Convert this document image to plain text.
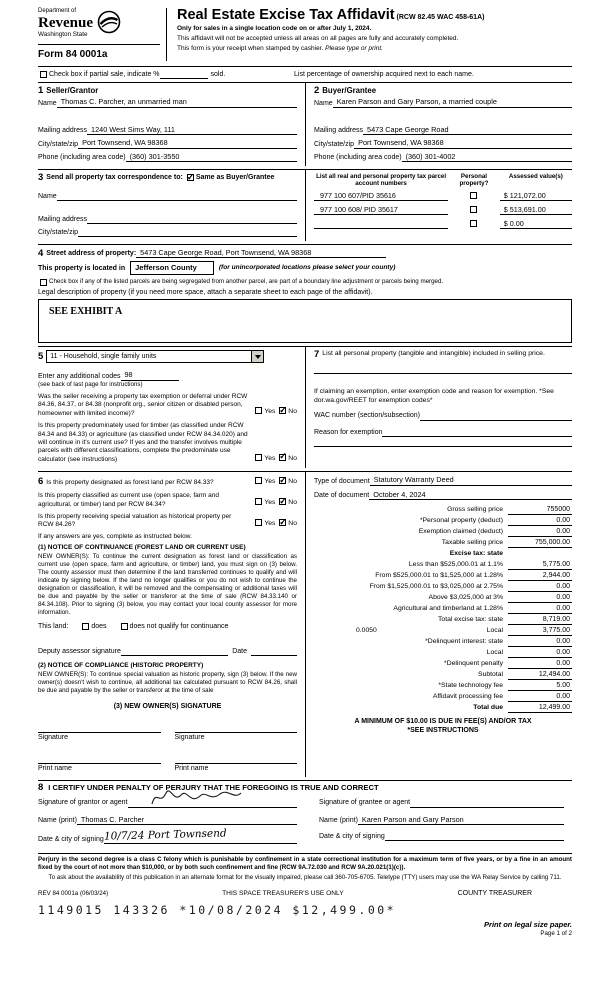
Department of
Revenue
Washington State
Form 84 0001a
Real Estate Excise Tax Affidavit (RCW 82.45 WAC 458-61A)
Only for sales in a single location code on or after July 1, 2024.
This affidavit will not be accepted unless all areas on all pages are fully and accurately completed.
This form is your receipt when stamped by cashier. Please type or print.
Check box if partial sale, indicate %	sold.	List percentage of ownership acquired next to each name.
1 Seller/Grantor
Name Thomas C. Parcher, an unmarried man
Mailing address 1240 West Sims Way, 111
City/state/zip Port Townsend, WA 98368
Phone (including area code) (360) 301-3550
2 Buyer/Grantee
Name Karen Parson and Gary Parson, a married couple
Mailing address 5473 Cape George Road
City/state/zip Port Townsend, WA 98368
Phone (including area code) (360) 301-4002
3 Send all property tax correspondence to: ✓ Same as Buyer/Grantee
Name
Mailing address
City/state/zip
List all real and personal property tax parcel account numbers
Personal property?
Assessed value(s)
977 100 607/PID 35616	$ 121,072.00
977 100 608/ PID 35617	$ 513,691.00
$ 0.00
4 Street address of property: 5473 Cape George Road, Port Townsend, WA 98368
This property is located in	Jefferson County	(for unincorporated locations please select your county)
Check box if any of the listed parcels are being segregated from another parcel, are part of a boundary line adjustment or parcels being merged.
Legal description of property (if you need more space, attach a separate sheet to each page of the affidavit).
SEE EXHIBIT A
5	11 - Household, single family units
Enter any additional codes 98
(see back of last page for instructions)
Was the seller receiving a property tax exemption or deferral under RCW 84.36, 84.37, or 84.38 (nonprofit org., senior citizen or disabled person, homeowner with limited income)?	Yes ✓ No
Is this property predominately used for timber (as classified under RCW 84.34 and 84.33) or agriculture (as classified under RCW 84.34.020) and will continue in it's current use? If yes and the transfer involves multiple parcels with different classifications, complete the predominate use calculator (see instructions)	Yes ✓ No
7 List all personal property (tangible and intangible) included in selling price.
If claiming an exemption, enter exemption code and reason for exemption. *See dor.wa.gov/REET for exemption codes*
WAC number (section/subsection)
Reason for exemption
6 Is this property designated as forest land per RCW 84.33?	Yes ✓ No
Is this property classified as current use (open space, farm and agricultural, or timber) land per RCW 84.34?	Yes ✓ No
Is this property receiving special valuation as historical property per RCW 84.26?	Yes ✓ No
If any answers are yes, complete as instructed below.
(1) NOTICE OF CONTINUANCE (FOREST LAND OR CURRENT USE)
NEW OWNER(S): To continue the current designation as forest land or classification as current use (open space, farm and agriculture, or timber) land, you must sign on (3) below. The county assessor must then determine if the land transferred continues to qualify and will indicate by signing below. If the land no longer qualifies or you do not wish to continue the designation or classification, it will be removed and the compensating or additional taxes will be due and payable by the seller or transferor at the time of sale (RCW 84.33.140 or 84.34.108). Prior to signing (3) below, you may contact your local county assessor for more information.
This land:	does	does not qualify for continuance
Deputy assessor signature	Date
(2) NOTICE OF COMPLIANCE (HISTORIC PROPERTY)
NEW OWNER(S): To continue special valuation as historic property, sign (3) below. If the new owner(s) doesn't wish to continue, all additional tax calculated pursuant to RCW 84.26, shall be due and payable by the seller or transferor at the time of sale
(3) NEW OWNER(S) SIGNATURE
Signature	Signature
Print name	Print name
Type of document Statutory Warranty Deed
Date of document October 4, 2024
Gross selling price	755000
*Personal property (deduct)	0.00
Exemption claimed (deduct)	0.00
Taxable selling price	755,000.00
Excise tax: state
Less than $525,000.01 at 1.1%	5,775.00
From $525,000.01 to $1,525,000 at 1.28%	2,944.00
From $1,525,000.01 to $3,025,000 at 2.75%	0.00
Above $3,025,000 at 3%	0.00
Agricultural and timberland at 1.28%	0.00
Total excise tax: state	8,719.00
0.0050	Local	3,775.00
*Delinquent interest: state	0.00
Local	0.00
*Delinquent penalty	0.00
Subtotal	12,494.00
*State technology fee	5.00
Affidavit processing fee	0.00
Total due	12,499.00
A MINIMUM OF $10.00 IS DUE IN FEE(S) AND/OR TAX
*SEE INSTRUCTIONS
8 I CERTIFY UNDER PENALTY OF PERJURY THAT THE FOREGOING IS TRUE AND CORRECT
Signature of grantor or agent
Name (print) Thomas C. Parcher
Date & city of signing 10/7/24 Port Townsend
Signature of grantee or agent
Name (print) Karen Parson and Gary Parson
Date & city of signing
Perjury in the second degree is a class C felony which is punishable by confinement in a state correctional institution for a maximum term of five years, or by a fine in an amount fixed by the court of not more than $10,000, or by both such confinement and fine (RCW 9A.72.030 and RCW 9A.20.021(1)(c)).
To ask about the availability of this publication in an alternate format for the visually impaired, please call 360-705-6705. Teletype (TTY) users may use the WA Relay Service by calling 711.
REV 84 0001a (06/03/24)	THIS SPACE TREASURER'S USE ONLY	COUNTY TREASURER
1149015 143326 *10/08/2024 $12,499.00*
Print on legal size paper.
Page 1 of 2
